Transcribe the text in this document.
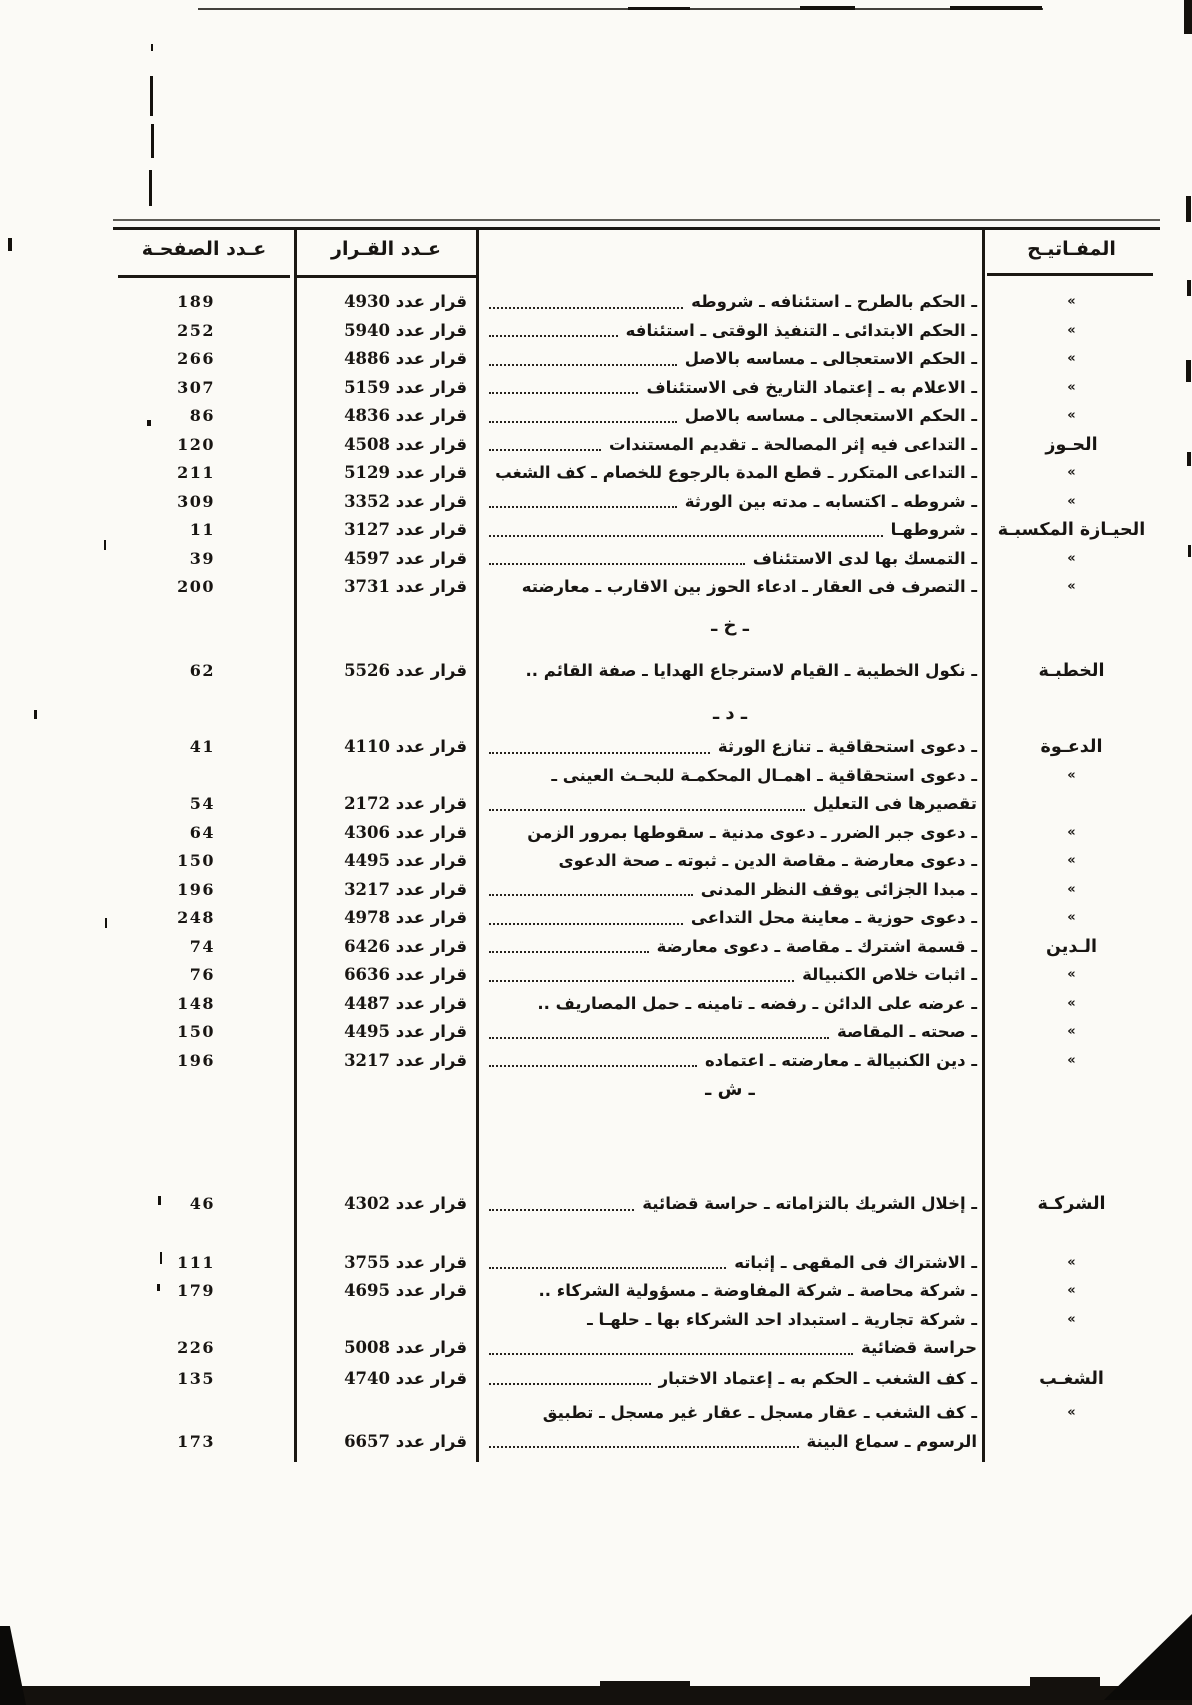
عـدد الصفحـة	عـدد القـرار	المفـاتيـح
»
ـ الحكم بالطرح ـ استئنافه ـ شروطه
قرار عدد 4930
189
»
ـ الحكم الابتدائى ـ التنفيذ الوقتى ـ استئنافه
قرار عدد 5940
252
»
ـ الحكم الاستعجالى ـ مساسه بالاصل
قرار عدد 4886
266
»
ـ الاعلام به ـ إعتماد التاريخ فى الاستئناف
قرار عدد 5159
307
»
ـ الحكم الاستعجالى ـ مساسه بالاصل
قرار عدد 4836
86
الحـوز
ـ التداعى فيه إثر المصالحة ـ تقديم المستندات
قرار عدد 4508
120
»
ـ التداعى المتكرر ـ قطع المدة بالرجوع للخصام ـ كف الشغب
قرار عدد 5129
211
»
ـ شروطه ـ اكتسابه ـ مدته بين الورثة
قرار عدد 3352
309
الحيـازة المكسبـة
ـ شروطهـا
قرار عدد 3127
11
»
ـ التمسك بها لدى الاستئناف
قرار عدد 4597
39
»
ـ التصرف فى العقار ـ ادعاء الحوز بين الاقارب ـ معارضته
قرار عدد 3731
200
ـ خ ـ
الخطبـة
ـ نكول الخطيبة ـ القيام لاسترجاع الهدايا ـ صفة القائم ..
قرار عدد 5526
62
ـ د ـ
الدعـوة
ـ دعوى استحقاقية ـ تنازع الورثة
قرار عدد 4110
41
»
ـ دعوى استحقاقية ـ اهمـال المحكمـة للبحـث العينى ـ
تقصيرها فى التعليل
قرار عدد 2172
54
»
ـ دعوى جبر الضرر ـ دعوى مدنية ـ سقوطها بمرور الزمن
قرار عدد 4306
64
»
ـ دعوى معارضة ـ مقاصة الدين ـ ثبوته ـ صحة الدعوى
قرار عدد 4495
150
»
ـ مبدا الجزائى يوقف النظر المدنى
قرار عدد 3217
196
»
ـ دعوى حوزية ـ معاينة محل التداعى
قرار عدد 4978
248
الـدين
ـ قسمة اشترك ـ مقاصة ـ دعوى معارضة
قرار عدد 6426
74
»
ـ اثبات خلاص الكنبيالة
قرار عدد 6636
76
»
ـ عرضه على الدائن ـ رفضه ـ تامينه ـ حمل المصاريف ..
قرار عدد 4487
148
»
ـ صحته ـ المقاصة
قرار عدد 4495
150
»
ـ دين الكنبيالة ـ معارضته ـ اعتماده
قرار عدد 3217
196
ـ ش ـ
الشركـة
ـ إخلال الشريك بالتزاماته ـ حراسة قضائية
قرار عدد 4302
46
»
ـ الاشتراك فى المقهى ـ إثباته
قرار عدد 3755
111
»
ـ شركة محاصة ـ شركة المفاوضة ـ مسؤولية الشركاء ..
قرار عدد 4695
179
»
ـ شركة تجارية ـ استبداد احد الشركاء بها ـ حلهـا ـ
حراسة قضائية
قرار عدد 5008
226
الشغـب
ـ كف الشغب ـ الحكم به ـ إعتماد الاختبار
قرار عدد 4740
135
»
ـ كف الشغب ـ عقار مسجل ـ عقار غير مسجل ـ تطبيق
الرسوم ـ سماع البينة
قرار عدد 6657
173
